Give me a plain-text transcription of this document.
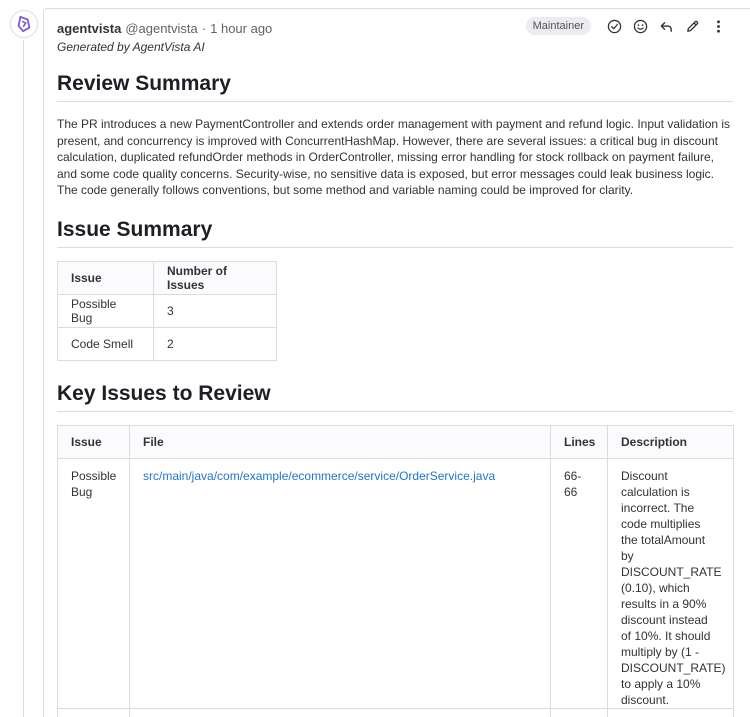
agentvista @agentvista · 1 hour ago	Maintainer
Generated by AgentVista AI
Review Summary

The PR introduces a new PaymentController and extends order management with payment and refund logic. Input validation is present, and concurrency is improved with ConcurrentHashMap. However, there are several issues: a critical bug in discount calculation, duplicated refundOrder methods in OrderController, missing error handling for stock rollback on payment failure, and some code quality concerns. Security-wise, no sensitive data is exposed, but error messages could leak business logic. The code generally follows conventions, but some method and variable naming could be improved for clarity.

Issue Summary
Issue	Number of Issues
Possible Bug	3
Code Smell	2
Key Issues to Review
Issue	File	Lines	Description
Possible Bug	src/main/java/com/example/ecommerce/service/OrderService.java	66-66	Discount calculation is incorrect. The code multiplies the totalAmount by DISCOUNT_RATE (0.10), which results in a 90% discount instead of 10%. It should multiply by (1 - DISCOUNT_RATE) to apply a 10% discount.
